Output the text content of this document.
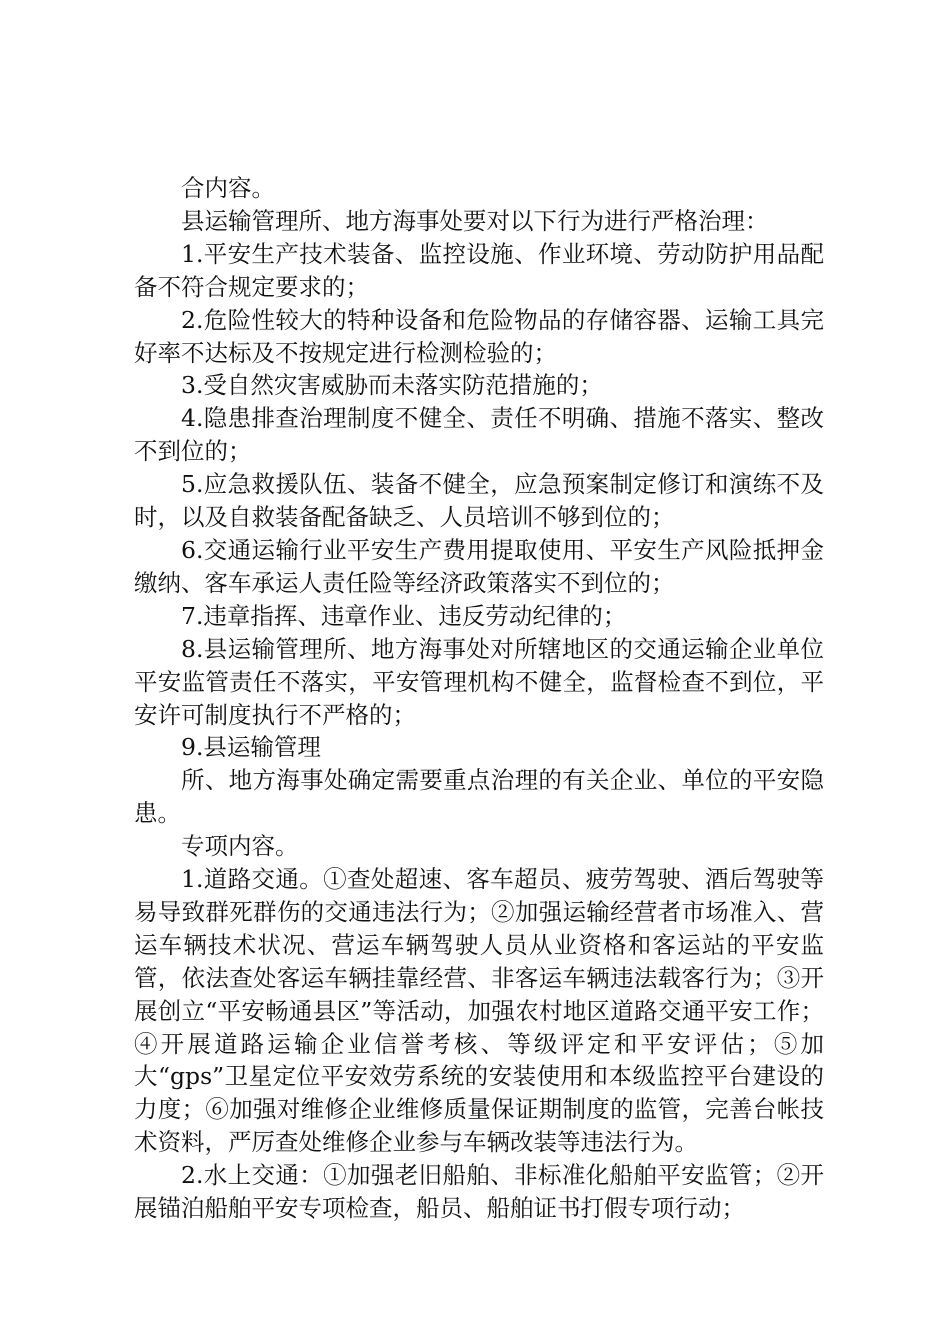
合内容。

县运输管理所、地方海事处要对以下行为进行严格治理：

1.平安生产技术装备、监控设施、作业环境、劳动防护用品配备不符合规定要求的；

2.危险性较大的特种设备和危险物品的存储容器、运输工具完好率不达标及不按规定进行检测检验的；

3.受自然灾害威胁而未落实防范措施的；

4.隐患排查治理制度不健全、责任不明确、措施不落实、整改不到位的；

5.应急救援队伍、装备不健全，应急预案制定修订和演练不及时，以及自救装备配备缺乏、人员培训不够到位的；

6.交通运输行业平安生产费用提取使用、平安生产风险抵押金缴纳、客车承运人责任险等经济政策落实不到位的；

7.违章指挥、违章作业、违反劳动纪律的；

8.县运输管理所、地方海事处对所辖地区的交通运输企业单位平安监管责任不落实，平安管理机构不健全，监督检查不到位，平安许可制度执行不严格的；

9.县运输管理

所、地方海事处确定需要重点治理的有关企业、单位的平安隐患。

专项内容。

1.道路交通。①查处超速、客车超员、疲劳驾驶、酒后驾驶等易导致群死群伤的交通违法行为；②加强运输经营者市场准入、营运车辆技术状况、营运车辆驾驶人员从业资格和客运站的平安监管，依法查处客运车辆挂靠经营、非客运车辆违法载客行为；③开展创立“平安畅通县区”等活动，加强农村地区道路交通平安工作；④开展道路运输企业信誉考核、等级评定和平安评估；⑤加大“gps”卫星定位平安效劳系统的安装使用和本级监控平台建设的力度；⑥加强对维修企业维修质量保证期制度的监管，完善台帐技术资料，严厉查处维修企业参与车辆改装等违法行为。

2.水上交通：①加强老旧船舶、非标准化船舶平安监管；②开展锚泊船舶平安专项检查，船员、船舶证书打假专项行动；
